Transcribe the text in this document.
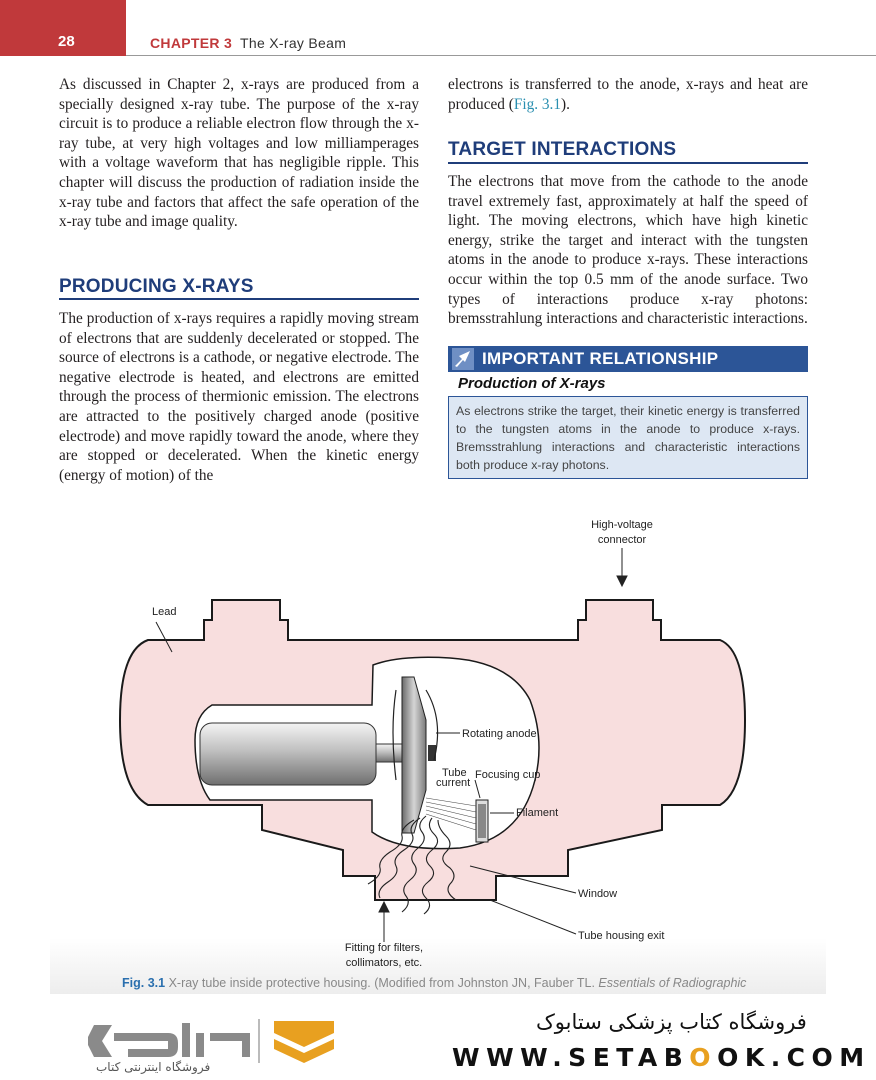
28	CHAPTER 3 The X-ray Beam

As discussed in Chapter 2, x-rays are produced from a specially designed x-ray tube. The purpose of the x-ray circuit is to produce a reliable electron flow through the x-ray tube, at very high voltages and low milliamperages with a voltage waveform that has negligible ripple. This chapter will discuss the production of radiation inside the x-ray tube and factors that affect the safe operation of the x-ray tube and image quality.

PRODUCING X-RAYS

The production of x-rays requires a rapidly moving stream of electrons that are suddenly decelerated or stopped. The source of electrons is a cathode, or negative electrode. The negative electrode is heated, and electrons are emitted through the process of thermionic emission. The electrons are attracted to the positively charged anode (positive electrode) and move rapidly toward the anode, where they are stopped or decelerated. When the kinetic energy (energy of motion) of the

electrons is transferred to the anode, x-rays and heat are produced (Fig. 3.1).

TARGET INTERACTIONS

The electrons that move from the cathode to the anode travel extremely fast, approximately at half the speed of light. The moving electrons, which have high kinetic energy, strike the target and interact with the tungsten atoms in the anode to produce x-rays. These interactions occur within the top 0.5 mm of the anode surface. Two types of interactions produce x-ray photons: bremsstrahlung interactions and characteristic interactions.

IMPORTANT RELATIONSHIP
Production of X-rays
As electrons strike the target, their kinetic energy is transferred to the tungsten atoms in the anode to produce x-rays. Bremsstrahlung interactions and characteristic interactions both produce x-ray photons.
High-voltage
connector
Lead
Rotating anode
Tube
current
Focusing cup
Filament
Window
Tube housing exit
Fitting for filters,
collimators, etc.
Fig. 3.1 X-ray tube inside protective housing. (Modified from Johnston JN, Fauber TL. Essentials of Radiographic
فروشگاه اینترنتی کتاب
فروشگاه کتاب پزشکی ستابوک
WWW.SETABOOK.COM
